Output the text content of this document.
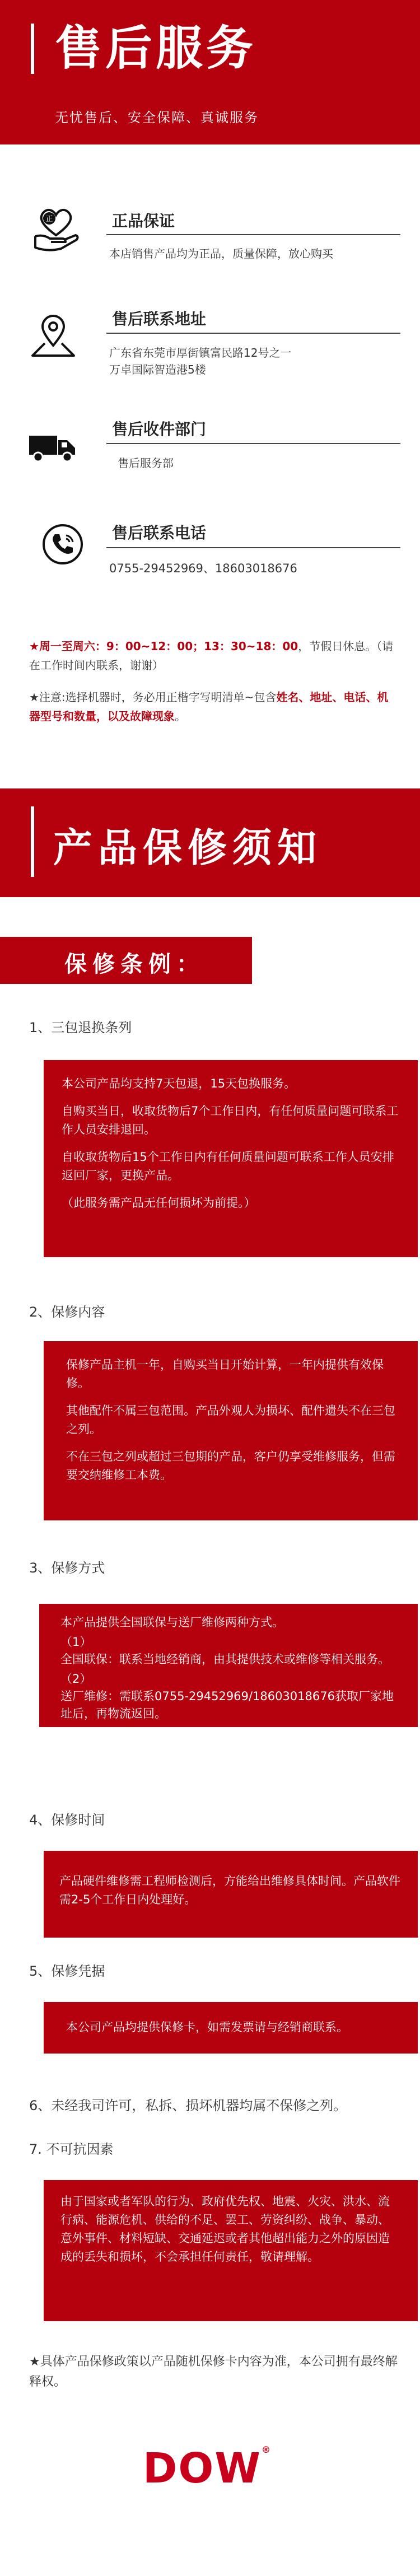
售后服务
无忧售后、安全保障、真诚服务
正	正品保证
本店销售产品均为正品，质量保障，放心购买
售后联系地址
广东省东莞市厚街镇富民路12号之一
万卓国际智造港5楼
售后收件部门
售后服务部
售后联系电话
0755-29452969、18603018676
★周一至周六：9：00~12：00；13：30~18：00，节假日休息。（请在工作时间内联系，谢谢）
★注意:选择机器时，务必用正楷字写明清单~包含姓名、地址、电话、机器型号和数量，以及故障现象。
产品保修须知
保修条例：
1、三包退换条列

本公司产品均支持7天包退，15天包换服务。

自购买当日，收取货物后7个工作日内，有任何质量问题可联系工作人员安排退回。

自收取货物后15个工作日内有任何质量问题可联系工作人员安排返回厂家，更换产品。

（此服务需产品无任何损坏为前提。）

2、保修内容

保修产品主机一年，自购买当日开始计算，一年内提供有效保修。

其他配件不属三包范围。产品外观人为损坏、配件遗失不在三包之列。

不在三包之列或超过三包期的产品，客户仍享受维修服务，但需要交纳维修工本费。

3、保修方式

本产品提供全国联保与送厂维修两种方式。

（1）
全国联保：联系当地经销商，由其提供技术或维修等相关服务。

（2）
送厂维修：需联系0755-29452969/18603018676获取厂家地址后，再物流返回。

4、保修时间

产品硬件维修需工程师检测后，方能给出维修具体时间。产品软件需2-5个工作日内处理好。

5、保修凭据

本公司产品均提供保修卡，如需发票请与经销商联系。

6、未经我司许可，私拆、损坏机器均属不保修之列。
7. 不可抗因素

由于国家或者军队的行为、政府优先权、地震、火灾、洪水、流行病、能源危机、供给的不足、罢工、劳资纠纷、战争、暴动、意外事件、材料短缺、交通延迟或者其他超出能力之外的原因造成的丢失和损坏，不会承担任何责任，敬请理解。

★具体产品保修政策以产品随机保修卡内容为准，本公司拥有最终解释权。
DOW®
